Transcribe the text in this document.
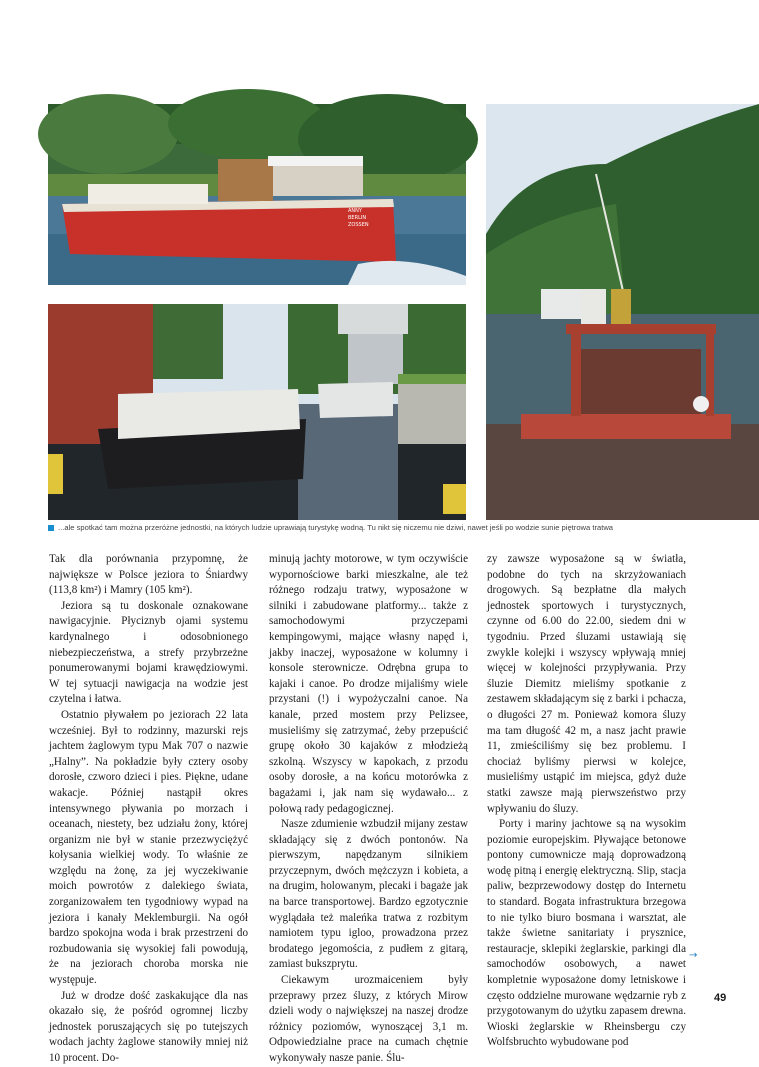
ANNY
BERLIN
ZOSSEN
...ale spotkać tam można przeróżne jednostki, na których ludzie uprawiają turystykę wodną. Tu nikt się niczemu nie dziwi, nawet jeśli po wodzie sunie piętrowa tratwa

Tak dla porównania przypomnę, że największe w Polsce jeziora to Śniardwy (113,8 km²) i Mamry (105 km²).

Jeziora są tu doskonale oznakowane nawigacyjnie. Płyciznyb ojami systemu kardynalnego i odosobnionego niebezpieczeństwa, a strefy przybrzeżne ponumerowanymi bojami krawędziowymi. W tej sytuacji nawigacja na wodzie jest czytelna i łatwa.

Ostatnio pływałem po jeziorach 22 lata wcześniej. Był to rodzinny, mazurski rejs jachtem żaglowym typu Mak 707 o nazwie „Halny”. Na pokładzie były cztery osoby dorosłe, czworo dzieci i pies. Piękne, udane wakacje. Później nastąpił okres intensywnego pływania po morzach i oceanach, niestety, bez udziału żony, której organizm nie był w stanie przezwyciężyć kołysania wielkiej wody. To właśnie ze względu na żonę, za jej wyczekiwanie moich powrotów z dalekiego świata, zorganizowałem ten tygodniowy wypad na jeziora i kanały Meklemburgii. Na ogół bardzo spokojna woda i brak przestrzeni do rozbudowania się wysokiej fali powodują, że na jeziorach choroba morska nie występuje.

Już w drodze dość zaskakujące dla nas okazało się, że pośród ogromnej liczby jednostek poruszających się po tutejszych wodach jachty żaglowe stanowiły mniej niż 10 procent. Do-

minują jachty motorowe, w tym oczywiście wypornościowe barki mieszkalne, ale też różnego rodzaju tratwy, wyposażone w silniki i zabudowane platformy... także z samochodowymi przyczepami kempingowymi, mające własny napęd i, jakby inaczej, wyposażone w kolumny i konsole sterownicze. Odrębna grupa to kajaki i canoe. Po drodze mijaliśmy wiele przystani (!) i wypożyczalni canoe. Na kanale, przed mostem przy Pelizsee, musieliśmy się zatrzymać, żeby przepuścić grupę około 30 kajaków z młodzieżą szkolną. Wszyscy w kapokach, z przodu osoby dorosłe, a na końcu motorówka z bagażami i, jak nam się wydawało... z połową rady pedagogicznej.

Nasze zdumienie wzbudził mijany zestaw składający się z dwóch pontonów. Na pierwszym, napędzanym silnikiem przyczepnym, dwóch mężczyzn i kobieta, a na drugim, holowanym, plecaki i bagaże jak na barce transportowej. Bardzo egzotycznie wyglądała też maleńka tratwa z rozbitym namiotem typu igloo, prowadzona przez brodatego jegomościa, z pudłem z gitarą, zamiast bukszprytu.

Ciekawym urozmaiceniem były przeprawy przez śluzy, z których Mirow dzieli wody o największej na naszej drodze różnicy poziomów, wynoszącej 3,1 m. Odpowiedzialne prace na cumach chętnie wykonywały nasze panie. Ślu-

zy zawsze wyposażone są w światła, podobne do tych na skrzyżowaniach drogowych. Są bezpłatne dla małych jednostek sportowych i turystycznych, czynne od 6.00 do 22.00, siedem dni w tygodniu. Przed śluzami ustawiają się zwykle kolejki i wszyscy wpływają mniej więcej w kolejności przypływania. Przy śluzie Diemitz mieliśmy spotkanie z zestawem składającym się z barki i pchacza, o długości 27 m. Ponieważ komora śluzy ma tam długość 42 m, a nasz jacht prawie 11, zmieściliśmy się bez problemu. I chociaż byliśmy pierwsi w kolejce, musieliśmy ustąpić im miejsca, gdyż duże statki zawsze mają pierwszeństwo przy wpływaniu do śluzy.

Porty i mariny jachtowe są na wysokim poziomie europejskim. Pływające betonowe pontony cumownicze mają doprowadzoną wodę pitną i energię elektryczną. Slip, stacja paliw, bezprzewodowy dostęp do Internetu to standard. Bogata infrastruktura brzegowa to nie tylko biuro bosmana i warsztat, ale także świetne sanitariaty i prysznice, restauracje, sklepiki żeglarskie, parkingi dla samochodów osobowych, a nawet kompletnie wyposażone domy letniskowe i często oddzielne murowane wędzarnie ryb z przygotowanym do użytku zapasem drewna. Wioski żeglarskie w Rheinsbergu czy Wolfsbruchto wybudowane pod

→
49
